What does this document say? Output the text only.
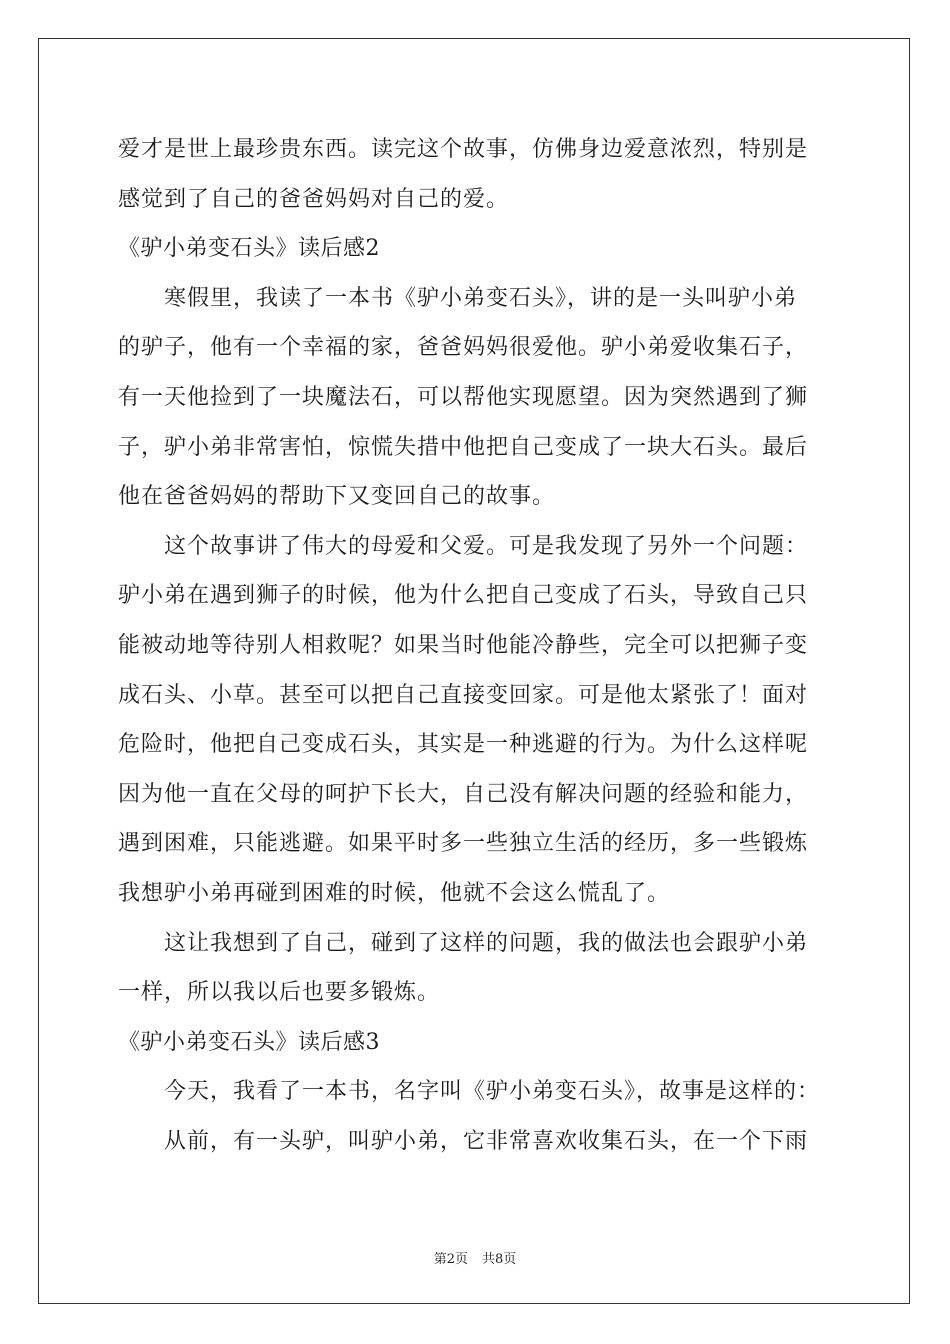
爱才是世上最珍贵东西。读完这个故事，仿佛身边爱意浓烈，特别是
感觉到了自己的爸爸妈妈对自己的爱。
《驴小弟变石头》读后感2
寒假里，我读了一本书《驴小弟变石头》，讲的是一头叫驴小弟
的驴子，他有一个幸福的家，爸爸妈妈很爱他。驴小弟爱收集石子，
有一天他捡到了一块魔法石，可以帮他实现愿望。因为突然遇到了狮
子，驴小弟非常害怕，惊慌失措中他把自己变成了一块大石头。最后
他在爸爸妈妈的帮助下又变回自己的故事。
这个故事讲了伟大的母爱和父爱。可是我发现了另外一个问题：
驴小弟在遇到狮子的时候，他为什么把自己变成了石头，导致自己只
能被动地等待别人相救呢？如果当时他能冷静些，完全可以把狮子变
成石头、小草。甚至可以把自己直接变回家。可是他太紧张了！面对
危险时，他把自己变成石头，其实是一种逃避的行为。为什么这样呢
因为他一直在父母的呵护下长大，自己没有解决问题的经验和能力，
遇到困难，只能逃避。如果平时多一些独立生活的经历，多一些锻炼
我想驴小弟再碰到困难的时候，他就不会这么慌乱了。
这让我想到了自己，碰到了这样的问题，我的做法也会跟驴小弟
一样，所以我以后也要多锻炼。
《驴小弟变石头》读后感3
今天，我看了一本书，名字叫《驴小弟变石头》，故事是这样的：
从前，有一头驴，叫驴小弟，它非常喜欢收集石头，在一个下雨
第2页 共8页
